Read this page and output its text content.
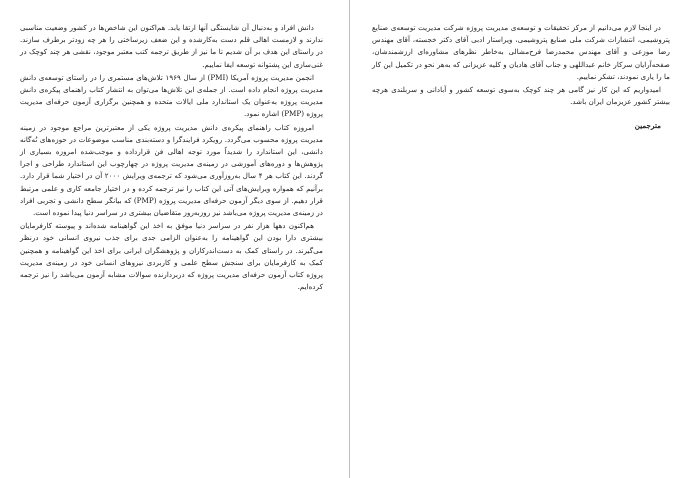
دانش افراد و به‌دنبال آن شایستگی آنها ارتقا یابد. هم‌اکنون این شاخص‌ها در کشور وضعیت مناسبی ندارند و لازمست اهالی قلم دست به‌کارشده و این ضعف زیرساختی را هر چه زودتر برطرف سازند. در راستای این هدف بر آن شدیم تا ما نیز از طریق ترجمه کتب معتبر موجود، نقشی هر چند کوچک در غنی‌سازی این پشتوانه توسعه ایفا نماییم.

انجمن مدیریت پروژه آمریکا (PMI) از سال ۱۹۶۹ تلاش‌های مستمری را در راستای توسعه‌ی دانش مدیریت پروژه انجام داده است. از جمله‌ی این تلاش‌ها می‌توان به انتشار کتاب راهنمای پیکره‌ی دانش مدیریت پروژه به‌عنوان یک استاندارد ملی ایالات متحده و همچنین برگزاری آزمون حرفه‌ای مدیریت پروژه (PMP) اشاره نمود.

امروزه کتاب راهنمای پیکره‌ی دانش مدیریت پروژه یکی از معتبرترین مراجع موجود در زمینه مدیریت پروژه محسوب می‌گردد. رویکرد فرایندگرا و دسته‌بندی مناسب موضوعات در حوزه‌های نُه‌گانه دانشی، این استاندارد را شدیداً مورد توجه اهالی فن قرارداده و موجب‌شده امروزه بسیاری از پژوهش‌ها و دوره‌های آموزشی در زمینه‌ی مدیریت پروژه در چهارچوب این استاندارد طراحی و اجرا گردند. این کتاب هر ۴ سال به‌روزآوری می‌شود که ترجمه‌ی ویرایش ۲۰۰۰ آن در اختیار شما قرار دارد. برآنیم که همواره ویرایش‌های آتی این کتاب را نیز ترجمه کرده و در اختیار جامعه کاری و علمی مرتبط قرار دهیم. از سوی دیگر آزمون حرفه‌ای مدیریت پروژه (PMP) که بیانگر سطح دانشی و تجربی افراد در زمینه‌ی مدیریت پروژه می‌باشد نیز روزبه‌روز متقاضیان بیشتری در سراسر دنیا پیدا نموده است.

هم‌اکنون دهها هزار نفر در سراسر دنیا موفق به اخذ این گواهینامه شده‌اند و پیوسته کارفرمایان بیشتری دارا بودن این گواهینامه را به‌عنوان الزامی جدی برای جذب نیروی انسانی خود درنظر می‌گیرند. در راستای کمک به دست‌اندرکاران و پژوهشگران ایرانی برای اخذ این گواهینامه و همچنین کمک به کارفرمایان برای سنجش سطح علمی و کاربردی نیروهای انسانی خود در زمینه‌ی مدیریت پروژه کتاب آزمون حرفه‌ای مدیریت پروژه که دربردارنده سوالات مشابه آزمون می‌باشد را نیز ترجمه کرده‌ایم.

در اینجا لازم می‌دانیم از مرکز تحقیقات و توسعه‌ی مدیریت پروژه شرکت مدیریت توسعه‌ی صنایع پتروشیمی، انتشارات شرکت ملی صنایع پتروشیمی، ویراستار ادبی آقای دکتر خجسته، آقای مهندس رضا موزعی و آقای مهندس محمدرضا فرح‌مشالی به‌خاطر نظرهای مشاوره‌ای ارزشمندشان، صفحه‌آرایان سرکار خانم عبداللهی و جناب آقای هادیان و کلیه عزیزانی که به‌هر نحو در تکمیل این کار ما را یاری نمودند، تشکر نماییم.

امیدواریم که این کار نیز گامی هر چند کوچک به‌سوی توسعه کشور و آبادانی و سربلندی هرچه بیشتر کشور عزیزمان ایران باشد.

مترجمین
